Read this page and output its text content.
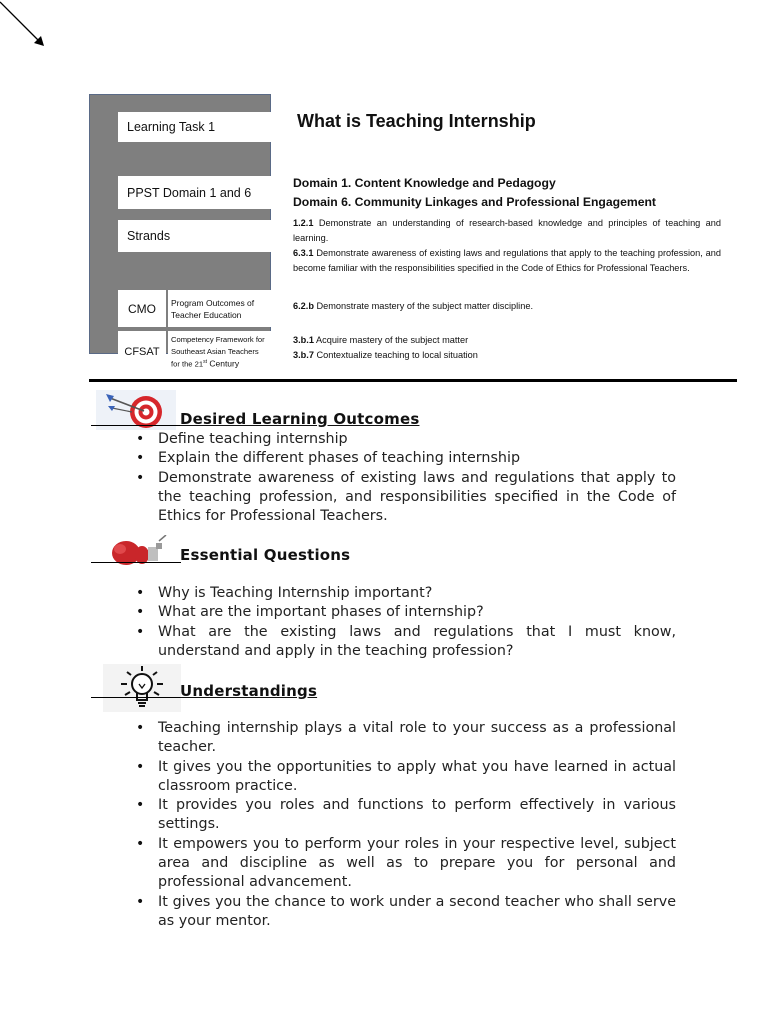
Learning Task 1
PPST Domain 1 and 6
Strands
CMO	Program Outcomes of Teacher Education
CFSAT
Competency Framework for
Southeast Asian Teachers
for the 21st Century
What is Teaching Internship
Domain 1. Content Knowledge and Pedagogy
Domain 6. Community Linkages and Professional Engagement
1.2.1 Demonstrate an understanding of research-based knowledge and principles of teaching and learning.
6.3.1 Demonstrate awareness of existing laws and regulations that apply to the teaching profession, and become familiar with the responsibilities specified in the Code of Ethics for Professional Teachers.
6.2.b Demonstrate mastery of the subject matter discipline.
3.b.1 Acquire mastery of the subject matter
3.b.7 Contextualize teaching to local situation
Desired Learning Outcomes
• Define teaching internship
• Explain the different phases of teaching internship
• Demonstrate awareness of existing laws and regulations that apply to the teaching profession, and responsibilities specified in the Code of Ethics for Professional Teachers.
Essential Questions
• Why is Teaching Internship important?
• What are the important phases of internship?
• What are the existing laws and regulations that I must know, understand and apply in the teaching profession?
Understandings
• Teaching internship plays a vital role to your success as a professional teacher.
• It gives you the opportunities to apply what you have learned in actual classroom practice.
• It provides you roles and functions to perform effectively in various settings.
• It empowers you to perform your roles in your respective level, subject area and discipline as well as to prepare you for personal and professional advancement.
• It gives you the chance to work under a second teacher who shall serve as your mentor.
